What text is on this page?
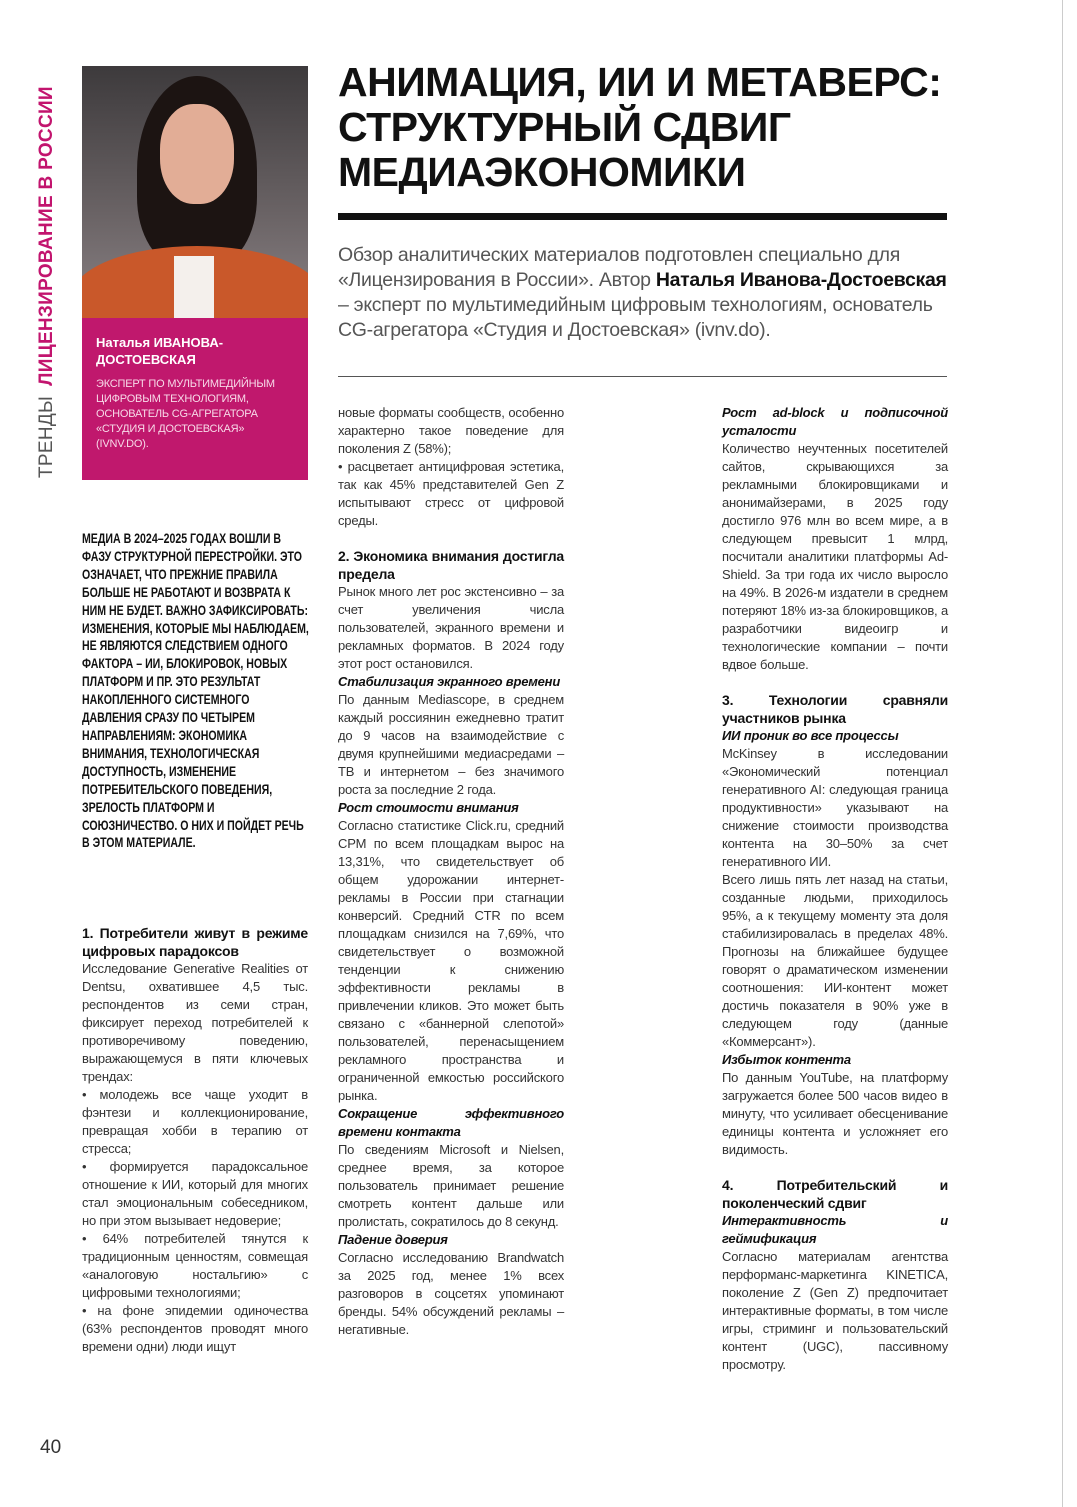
ТРЕНДЫЛИЦЕНЗИРОВАНИЕ В РОССИИ	Наталья ИВАНОВА-
ДОСТОЕВСКАЯ
ЭКСПЕРТ ПО МУЛЬТИМЕДИЙНЫМ ЦИФРОВЫМ ТЕХНОЛОГИЯМ, ОСНОВАТЕЛЬ CG-АГРЕГАТОРА «СТУДИЯ И ДОСТОЕВСКАЯ» (IVNV.DO).
АНИМАЦИЯ, ИИ И МЕТАВЕРС: СТРУКТУРНЫЙ СДВИГ МЕДИАЭКОНОМИКИ
Обзор аналитических материалов подготовлен специально для «Лицензирования в России». Автор Наталья Иванова-Достоевская – эксперт по мультимедийным цифровым технологиям, основатель CG-агрегатора «Студия и Достоевская» (ivnv.do).
МЕДИА В 2024–2025 ГОДАХ ВОШЛИ В ФАЗУ СТРУКТУРНОЙ ПЕРЕСТРОЙКИ. ЭТО ОЗНАЧАЕТ, ЧТО ПРЕЖНИЕ ПРАВИЛА БОЛЬШЕ НЕ РАБОТАЮТ И ВОЗВРАТА К НИМ НЕ БУДЕТ. ВАЖНО ЗАФИКСИРОВАТЬ: ИЗМЕНЕНИЯ, КОТОРЫЕ МЫ НАБЛЮДАЕМ, НЕ ЯВЛЯЮТСЯ СЛЕДСТВИЕМ ОДНОГО ФАКТОРА – ИИ, БЛОКИРОВОК, НОВЫХ ПЛАТФОРМ И ПР. ЭТО РЕЗУЛЬТАТ НАКОПЛЕННОГО СИСТЕМНОГО ДАВЛЕНИЯ СРАЗУ ПО ЧЕТЫРЕМ НАПРАВЛЕНИЯМ: ЭКОНОМИКА ВНИМАНИЯ, ТЕХНОЛОГИЧЕСКАЯ ДОСТУПНОСТЬ, ИЗМЕНЕНИЕ ПОТРЕБИТЕЛЬСКОГО ПОВЕДЕНИЯ, ЗРЕЛОСТЬ ПЛАТФОРМ И СОЮЗНИЧЕСТВО. О НИХ И ПОЙДЕТ РЕЧЬ В ЭТОМ МАТЕРИАЛЕ.

1. Потребители живут в режиме цифровых парадоксов

Исследование Generative Realities от Dentsu, охватившее 4,5 тыс. респондентов из семи стран, фиксирует переход потребителей к противоречивому поведению, выражающемуся в пяти ключевых трендах:

• молодежь все чаще уходит в фэнтези и коллекционирование, превращая хобби в терапию от стресса;

• формируется парадоксальное отношение к ИИ, который для многих стал эмоциональным собеседником, но при этом вызывает недоверие;

• 64% потребителей тянутся к традиционным ценностям, совмещая «аналоговую ностальгию» с цифровыми технологиями;

• на фоне эпидемии одиночества (63% респондентов проводят много времени одни) люди ищут

новые форматы сообществ, особенно характерно такое поведение для поколения Z (58%);

• расцветает антицифровая эстетика, так как 45% представителей Gen Z испытывают стресс от цифровой среды.

2. Экономика внимания достигла предела

Рынок много лет рос экстенсивно – за счет увеличения числа пользователей, экранного времени и рекламных форматов. В 2024 году этот рост остановился.

Стабилизация экранного времени

По данным Mediascope, в среднем каждый россиянин ежедневно тратит до 9 часов на взаимодействие с двумя крупнейшими медиасредами – ТВ и интернетом – без значимого роста за последние 2 года.

Рост стоимости внимания

Согласно статистике Click.ru, средний CPM по всем площадкам вырос на 13,31%, что свидетельствует об общем удорожании интернет-рекламы в России при стагнации конверсий. Средний CTR по всем площадкам снизился на 7,69%, что свидетельствует о возможной тенденции к снижению эффективности рекламы в привлечении кликов. Это может быть связано с «баннерной слепотой» пользователей, перенасыщением рекламного пространства и ограниченной емкостью российского рынка.

Сокращение эффективного времени контакта

По сведениям Microsoft и Nielsen, среднее время, за которое пользователь принимает решение смотреть контент дальше или пролистать, сократилось до 8 секунд.

Падение доверия

Согласно исследованию Brandwatch за 2025 год, менее 1% всех разговоров в соцсетях упоминают бренды. 54% обсуждений рекламы – негативные.

Рост ad-block и подписочной усталости

Количество неучтенных посетителей сайтов, скрывающихся за рекламными блокировщиками и анонимайзерами, в 2025 году достигло 976 млн во всем мире, а в следующем превысит 1 млрд, посчитали аналитики платформы Ad-Shield. За три года их число выросло на 49%. В 2026-м издатели в среднем потеряют 18% из-за блокировщиков, а разработчики видеоигр и технологические компании – почти вдвое больше.

3. Технологии сравняли участников рынка

ИИ проник во все процессы

McKinsey в исследовании «Экономический потенциал генеративного AI: следующая граница продуктивности» указывают на снижение стоимости производства контента на 30–50% за счет генеративного ИИ.

Всего лишь пять лет назад на статьи, созданные людьми, приходилось 95%, а к текущему моменту эта доля стабилизировалась в пределах 48%. Прогнозы на ближайшее будущее говорят о драматическом изменении соотношения: ИИ-контент может достичь показателя в 90% уже в следующем году (данные «Коммерсант»).

Избыток контента

По данным YouTube, на платформу загружается более 500 часов видео в минуту, что усиливает обесценивание единицы контента и усложняет его видимость.

4. Потребительский и поколенческий сдвиг

Интерактивность и геймификация

Согласно материалам агентства перформанс-маркетинга KINETICA, поколение Z (Gen Z) предпочитает интерактивные форматы, в том числе игры, стриминг и пользовательский контент (UGC), пассивному просмотру.

40
